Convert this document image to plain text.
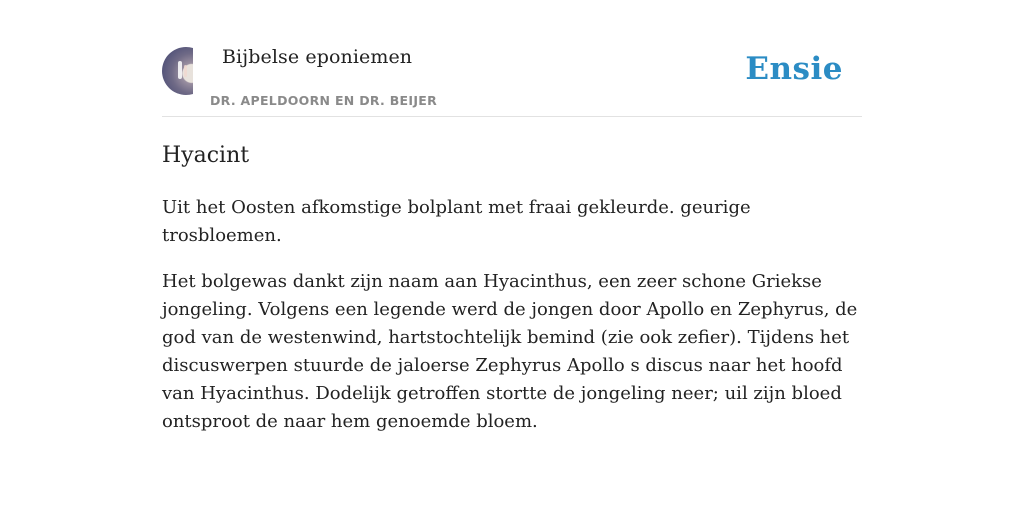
Bijbelse eponiemen
DR. APELDOORN EN DR. BEIJER
Ensie
Hyacint

Uit het Oosten afkomstige bolplant met fraai gekleurde. geurige trosbloemen.

Het bolgewas dankt zijn naam aan Hyacinthus, een zeer schone Griekse jongeling. Volgens een legende werd de jongen door Apollo en Zephyrus, de god van de westenwind, hartstochtelijk bemind (zie ook zefier). Tijdens het discuswerpen stuurde de jaloerse Zephyrus Apollo s discus naar het hoofd van Hyacinthus. Dodelijk getroffen stortte de jongeling neer; uil zijn bloed ontsproot de naar hem genoemde bloem.
